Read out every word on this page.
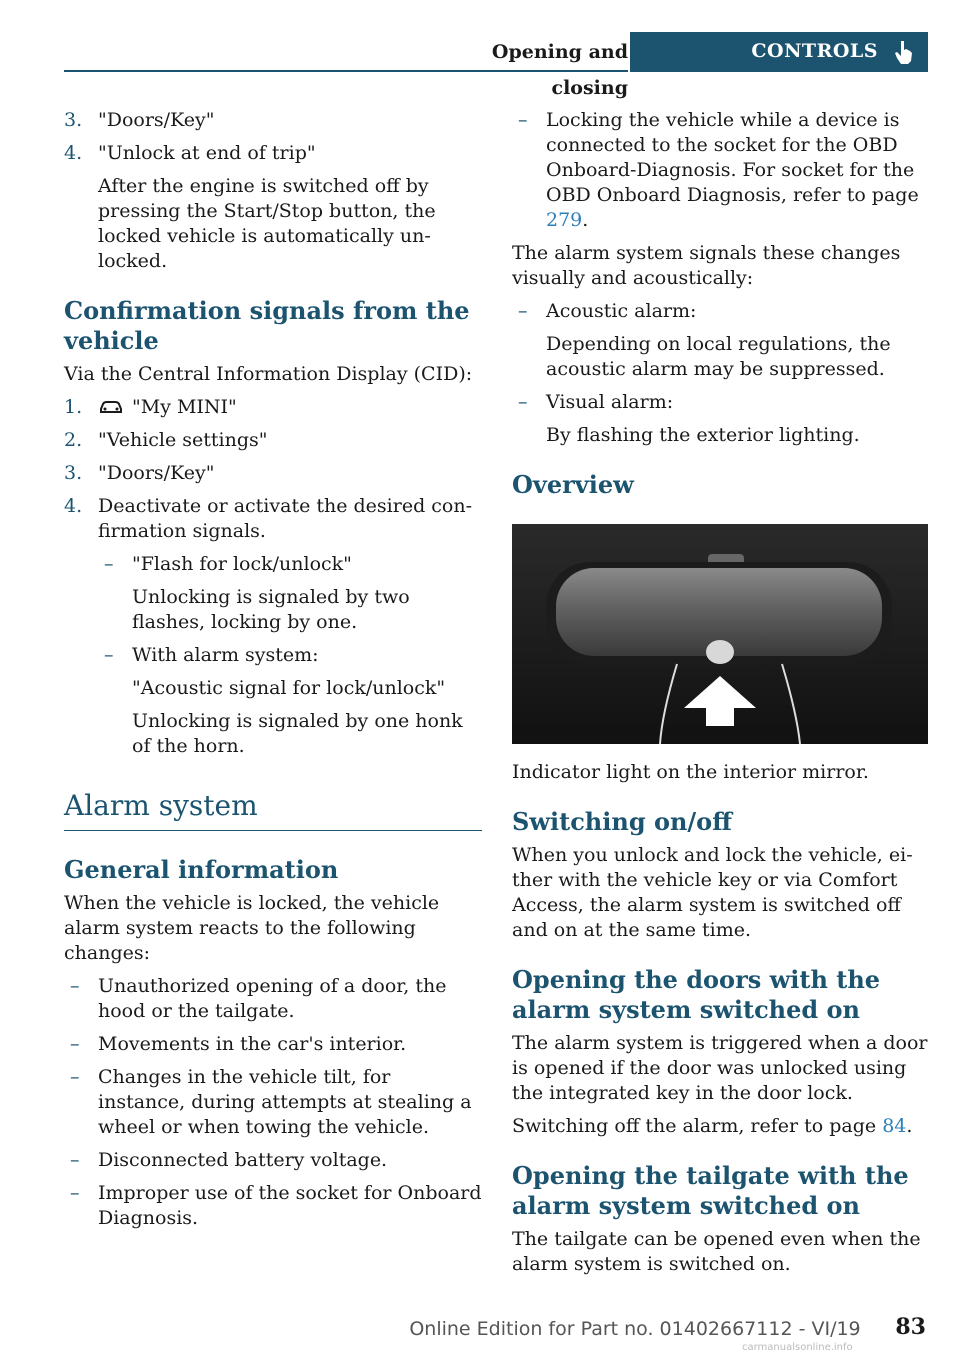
Opening and closing
CONTROLS
3. "Doors/Key"
4. "Unlock at end of trip"
After the engine is switched off by pressing the Start/Stop button, the locked vehicle is automatically unlocked.
Confirmation signals from the vehicle

Via the Central Information Display (CID):

1.	"My MINI"
2. "Vehicle settings"
3. "Doors/Key"
4. Deactivate or activate the desired confirmation signals.
– "Flash for lock/unlock"
Unlocking is signaled by two flashes, locking by one.
– With alarm system:
"Acoustic signal for lock/unlock"
Unlocking is signaled by one honk of the horn.
Alarm system
General information

When the vehicle is locked, the vehicle alarm system reacts to the following changes:

– Unauthorized opening of a door, the hood or the tailgate.
– Movements in the car's interior.
– Changes in the vehicle tilt, for instance, during attempts at stealing a wheel or when towing the vehicle.
– Disconnected battery voltage.
– Improper use of the socket for Onboard Diagnosis.
– Locking the vehicle while a device is connected to the socket for the OBD Onboard-Diagnosis. For socket for the OBD Onboard Diagnosis, refer to page 279.

The alarm system signals these changes visually and acoustically:

– Acoustic alarm:
Depending on local regulations, the acoustic alarm may be suppressed.
– Visual alarm:
By flashing the exterior lighting.
Overview

Indicator light on the interior mirror.

Switching on/off

When you unlock and lock the vehicle, either with the vehicle key or via Comfort Access, the alarm system is switched off and on at the same time.

Opening the doors with the alarm system switched on

The alarm system is triggered when a door is opened if the door was unlocked using the integrated key in the door lock.

Switching off the alarm, refer to page 84.

Opening the tailgate with the alarm system switched on

The tailgate can be opened even when the alarm system is switched on.

Online Edition for Part no. 01402667112 - VI/19	83
carmanualsonline.info
